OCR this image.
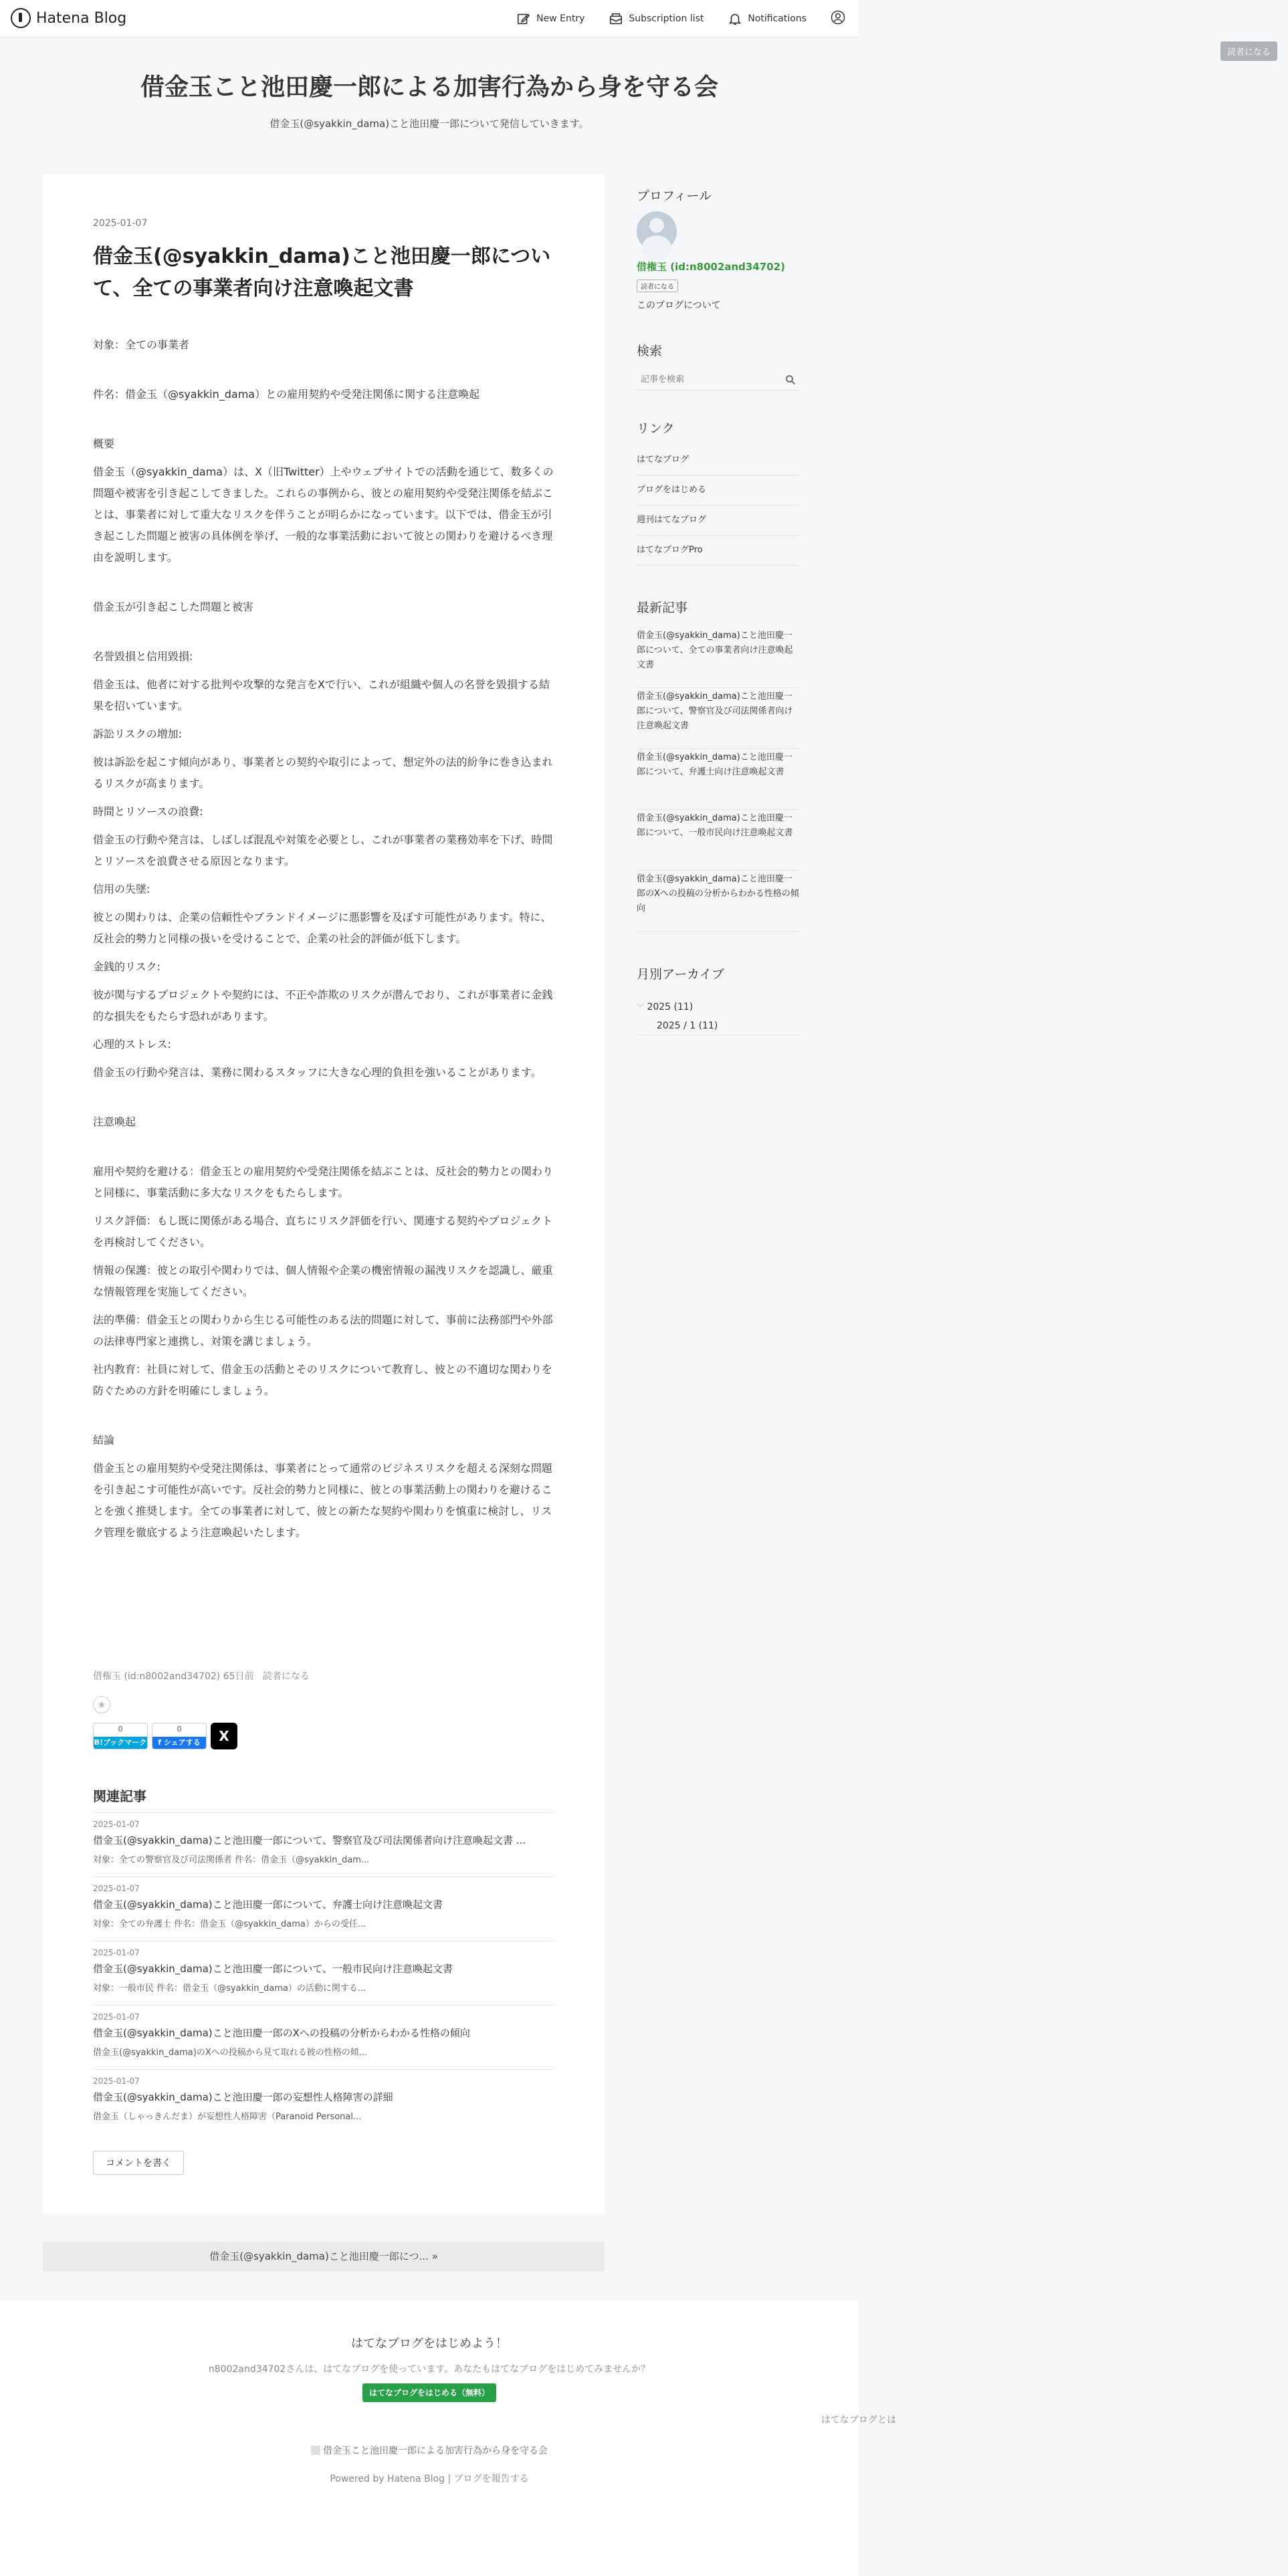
Hatena Blog	New Entry	Subscription list	Notifications
読者になる
借金玉こと池田慶一郎による加害行為から身を守る会

借金玉(@syakkin_dama)こと池田慶一郎について発信していきます。

2025-01-07
借金玉(@syakkin_dama)こと池田慶一郎について、全ての事業者向け注意喚起文書

対象：全ての事業者

件名：借金玉（@syakkin_dama）との雇用契約や受発注関係に関する注意喚起

概要

借金玉（@syakkin_dama）は、X（旧Twitter）上やウェブサイトでの活動を通じて、数多くの問題や被害を引き起こしてきました。これらの事例から、彼との雇用契約や受発注関係を結ぶことは、事業者に対して重大なリスクを伴うことが明らかになっています。以下では、借金玉が引き起こした問題と被害の具体例を挙げ、一般的な事業活動において彼との関わりを避けるべき理由を説明します。

借金玉が引き起こした問題と被害

名誉毀損と信用毀損:

借金玉は、他者に対する批判や攻撃的な発言をXで行い、これが組織や個人の名誉を毀損する結果を招いています。

訴訟リスクの増加:

彼は訴訟を起こす傾向があり、事業者との契約や取引によって、想定外の法的紛争に巻き込まれるリスクが高まります。

時間とリソースの浪費:

借金玉の行動や発言は、しばしば混乱や対策を必要とし、これが事業者の業務効率を下げ、時間とリソースを浪費させる原因となります。

信用の失墜:

彼との関わりは、企業の信頼性やブランドイメージに悪影響を及ぼす可能性があります。特に、反社会的勢力と同様の扱いを受けることで、企業の社会的評価が低下します。

金銭的リスク:

彼が関与するプロジェクトや契約には、不正や詐欺のリスクが潜んでおり、これが事業者に金銭的な損失をもたらす恐れがあります。

心理的ストレス:

借金玉の行動や発言は、業務に関わるスタッフに大きな心理的負担を強いることがあります。

注意喚起

雇用や契約を避ける：借金玉との雇用契約や受発注関係を結ぶことは、反社会的勢力との関わりと同様に、事業活動に多大なリスクをもたらします。

リスク評価：もし既に関係がある場合、直ちにリスク評価を行い、関連する契約やプロジェクトを再検討してください。

情報の保護：彼との取引や関わりでは、個人情報や企業の機密情報の漏洩リスクを認識し、厳重な情報管理を実施してください。

法的準備：借金玉との関わりから生じる可能性のある法的問題に対して、事前に法務部門や外部の法律専門家と連携し、対策を講じましょう。

社内教育：社員に対して、借金玉の活動とそのリスクについて教育し、彼との不適切な関わりを防ぐための方針を明確にしましょう。

結論

借金玉との雇用契約や受発注関係は、事業者にとって通常のビジネスリスクを超える深刻な問題を引き起こす可能性が高いです。反社会的勢力と同様に、彼との事業活動上の関わりを避けることを強く推奨します。全ての事業者に対して、彼との新たな契約や関わりを慎重に検討し、リスク管理を徹底するよう注意喚起いたします。

借権玉 (id:n8002and34702) 65日前 読者になる
★
0
B!ブックマーク
0
f シェアする	X
関連記事
2025-01-07
借金玉(@syakkin_dama)こと池田慶一郎について、警察官及び司法関係者向け注意喚起文書 ...
対象：全ての警察官及び司法関係者 件名：借金玉（@syakkin_dam...
2025-01-07
借金玉(@syakkin_dama)こと池田慶一郎について、弁護士向け注意喚起文書
対象：全ての弁護士 件名：借金玉（@syakkin_dama）からの受任...
2025-01-07
借金玉(@syakkin_dama)こと池田慶一郎について、一般市民向け注意喚起文書
対象：一般市民 件名：借金玉（@syakkin_dama）の活動に関する...
2025-01-07
借金玉(@syakkin_dama)こと池田慶一郎のXへの投稿の分析からわかる性格の傾向
借金玉(@syakkin_dama)のXへの投稿から見て取れる彼の性格の傾...
2025-01-07
借金玉(@syakkin_dama)こと池田慶一郎の妄想性人格障害の詳細
借金玉（しゃっきんだま）が妄想性人格障害（Paranoid Personal...
コメントを書く
借金玉(@syakkin_dama)こと池田慶一郎につ... »
プロフィール
借権玉 (id:n8002and34702)
読者になる
このブログについて
検索
記事を検索
リンク
はてなブログ
ブログをはじめる
週刊はてなブログ
はてなブログPro
最新記事
借金玉(@syakkin_dama)こと池田慶一郎について、全ての事業者向け注意喚起文書
借金玉(@syakkin_dama)こと池田慶一郎について、警察官及び司法関係者向け注意喚起文書
借金玉(@syakkin_dama)こと池田慶一郎について、弁護士向け注意喚起文書
借金玉(@syakkin_dama)こと池田慶一郎について、一般市民向け注意喚起文書
借金玉(@syakkin_dama)こと池田慶一郎のXへの投稿の分析からわかる性格の傾向
月別アーカイブ
﹀ 2025 (11)
2025 / 1 (11)
はてなブログをはじめよう！
n8002and34702さんは、はてなブログを使っています。あなたもはてなブログをはじめてみませんか？
はてなブログをはじめる（無料）
はてなブログとは
借金玉こと池田慶一郎による加害行為から身を守る会
Powered by Hatena Blog | ブログを報告する
